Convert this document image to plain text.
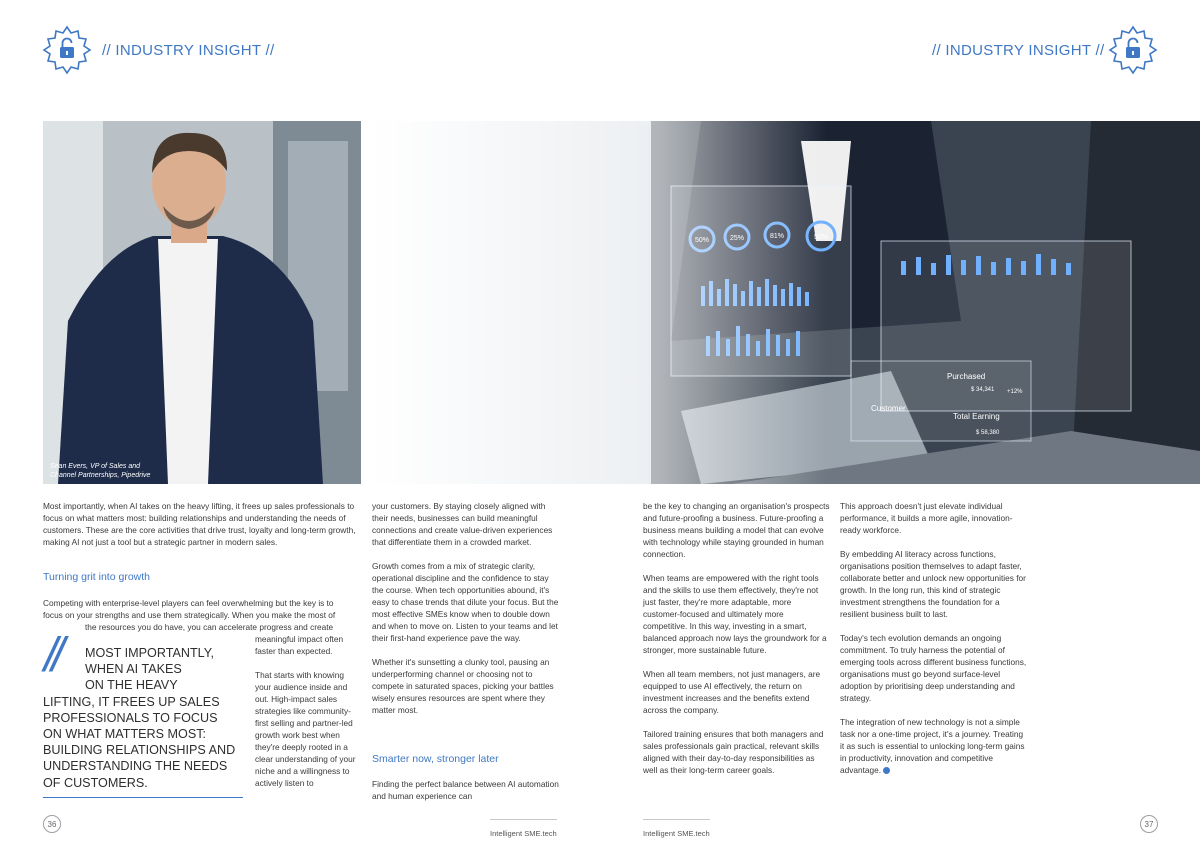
// INDUSTRY INSIGHT //	// INDUSTRY INSIGHT //
Sean Evers, VP of Sales and
Channel Partnerships, Pipedrive

Most importantly, when AI takes on the heavy lifting, it frees up sales professionals to focus on what matters most: building relationships and understanding the needs of customers. These are the core activities that drive trust, loyalty and long-term growth, making AI not just a tool but a strategic partner in modern sales.

Turning grit into growth
Competing with enterprise-level players can feel overwhelming but the key is to
focus on your strengths and use them strategically. When you make the most of
the resources you do have, you can accelerate progress and create
//	MOST IMPORTANTLY,
WHEN AI TAKES
ON THE HEAVY
LIFTING, IT FREES UP SALES
PROFESSIONALS TO FOCUS
ON WHAT MATTERS MOST:
BUILDING RELATIONSHIPS AND
UNDERSTANDING THE NEEDS
OF CUSTOMERS.

meaningful impact often faster than expected.

That starts with knowing your audience inside and out. High-impact sales strategies like community-first selling and partner-led growth work best when they're deeply rooted in a clear understanding of your niche and a willingness to actively listen to

your customers. By staying closely aligned with their needs, businesses can build meaningful connections and create value-driven experiences that differentiate them in a crowded market.

Growth comes from a mix of strategic clarity, operational discipline and the confidence to stay the course. When tech opportunities abound, it's easy to chase trends that dilute your focus. But the most effective SMEs know when to double down and when to move on. Listen to your teams and let their first-hand experience pave the way.

Whether it's sunsetting a clunky tool, pausing an underperforming channel or choosing not to compete in saturated spaces, picking your battles wisely ensures resources are spent where they matter most.

Smarter now, stronger later
Finding the perfect balance between AI automation and human experience can

be the key to changing an organisation's prospects and future-proofing a business. Future-proofing a business means building a model that can evolve with technology while staying grounded in human connection.

When teams are empowered with the right tools and the skills to use them effectively, they're not just faster, they're more adaptable, more customer-focused and ultimately more competitive. In this way, investing in a smart, balanced approach now lays the groundwork for a stronger, more sustainable future.

When all team members, not just managers, are equipped to use AI effectively, the return on investment increases and the benefits extend across the company.

Tailored training ensures that both managers and sales professionals gain practical, relevant skills aligned with their day-to-day responsibilities as well as their long-term career goals.

This approach doesn't just elevate individual performance, it builds a more agile, innovation-ready workforce.

By embedding AI literacy across functions, organisations position themselves to adapt faster, collaborate better and unlock new opportunities for growth. In the long run, this kind of strategic investment strengthens the foundation for a resilient business built to last.

Today's tech evolution demands an ongoing commitment. To truly harness the potential of emerging tools across different business functions, organisations must go beyond surface-level adoption by prioritising deep understanding and strategy.

The integration of new technology is not a simple task nor a one-time project, it's a journey. Treating it as such is essential to unlocking long-term gains in productivity, innovation and competitive advantage.

36
Intelligent SME.tech	Intelligent SME.tech
37
